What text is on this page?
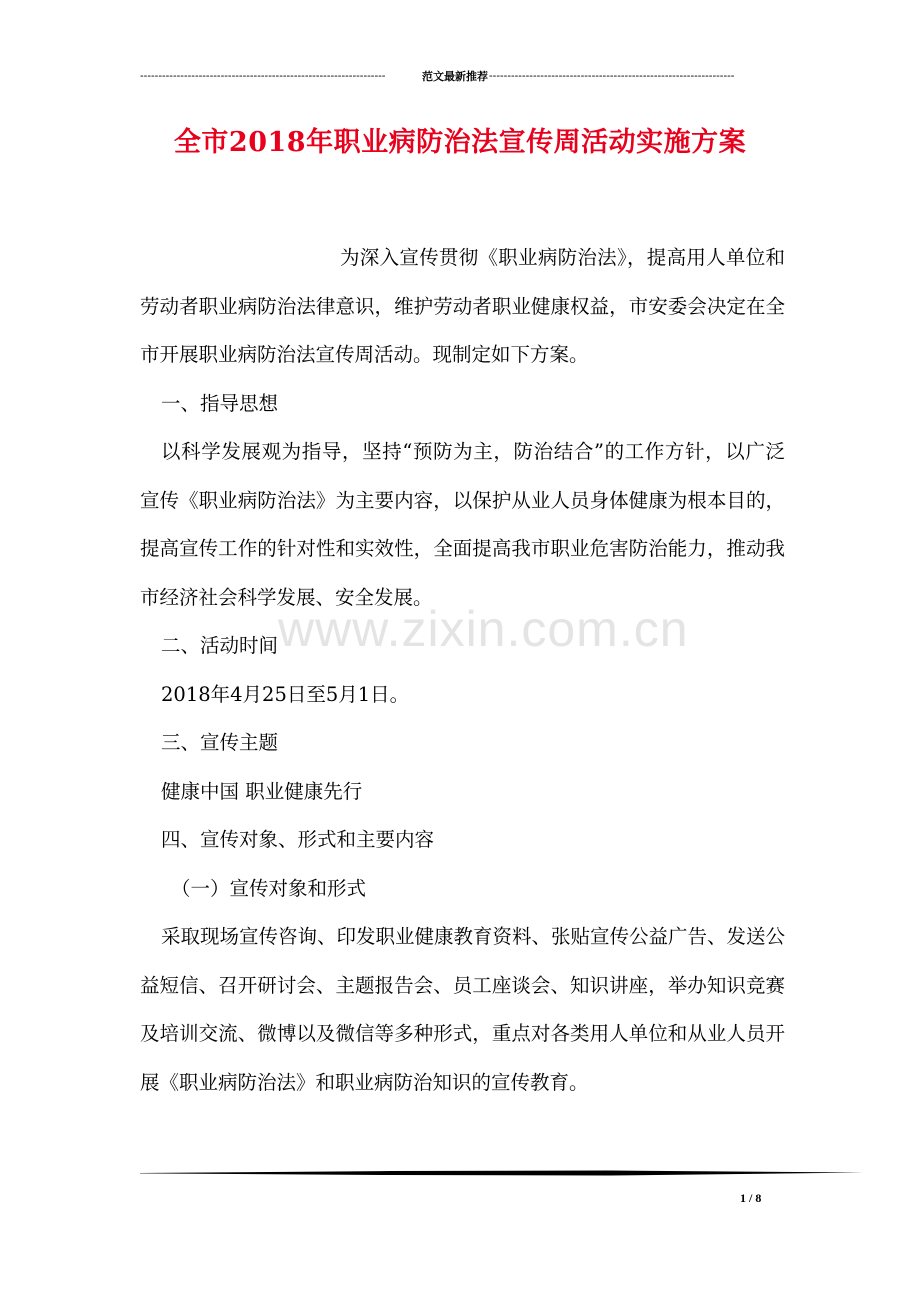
-------------------------------------------------------------------	范文最新推荐 -------------------------------------------------------------------
全市2018年职业病防治法宣传周活动实施方案
www.zixin.com.cn

为深入宣传贯彻《职业病防治法》，提高用人单位和劳动者职业病防治法律意识，维护劳动者职业健康权益，市安委会决定在全市开展职业病防治法宣传周活动。现制定如下方案。

一、指导思想

以科学发展观为指导，坚持“预防为主，防治结合”的工作方针，以广泛宣传《职业病防治法》为主要内容，以保护从业人员身体健康为根本目的，提高宣传工作的针对性和实效性，全面提高我市职业危害防治能力，推动我市经济社会科学发展、安全发展。

二、活动时间

2018年4月25日至5月1日。

三、宣传主题

健康中国 职业健康先行

四、宣传对象、形式和主要内容

（一）宣传对象和形式

采取现场宣传咨询、印发职业健康教育资料、张贴宣传公益广告、发送公益短信、召开研讨会、主题报告会、员工座谈会、知识讲座，举办知识竞赛及培训交流、微博以及微信等多种形式，重点对各类用人单位和从业人员开展《职业病防治法》和职业病防治知识的宣传教育。

1 / 8
